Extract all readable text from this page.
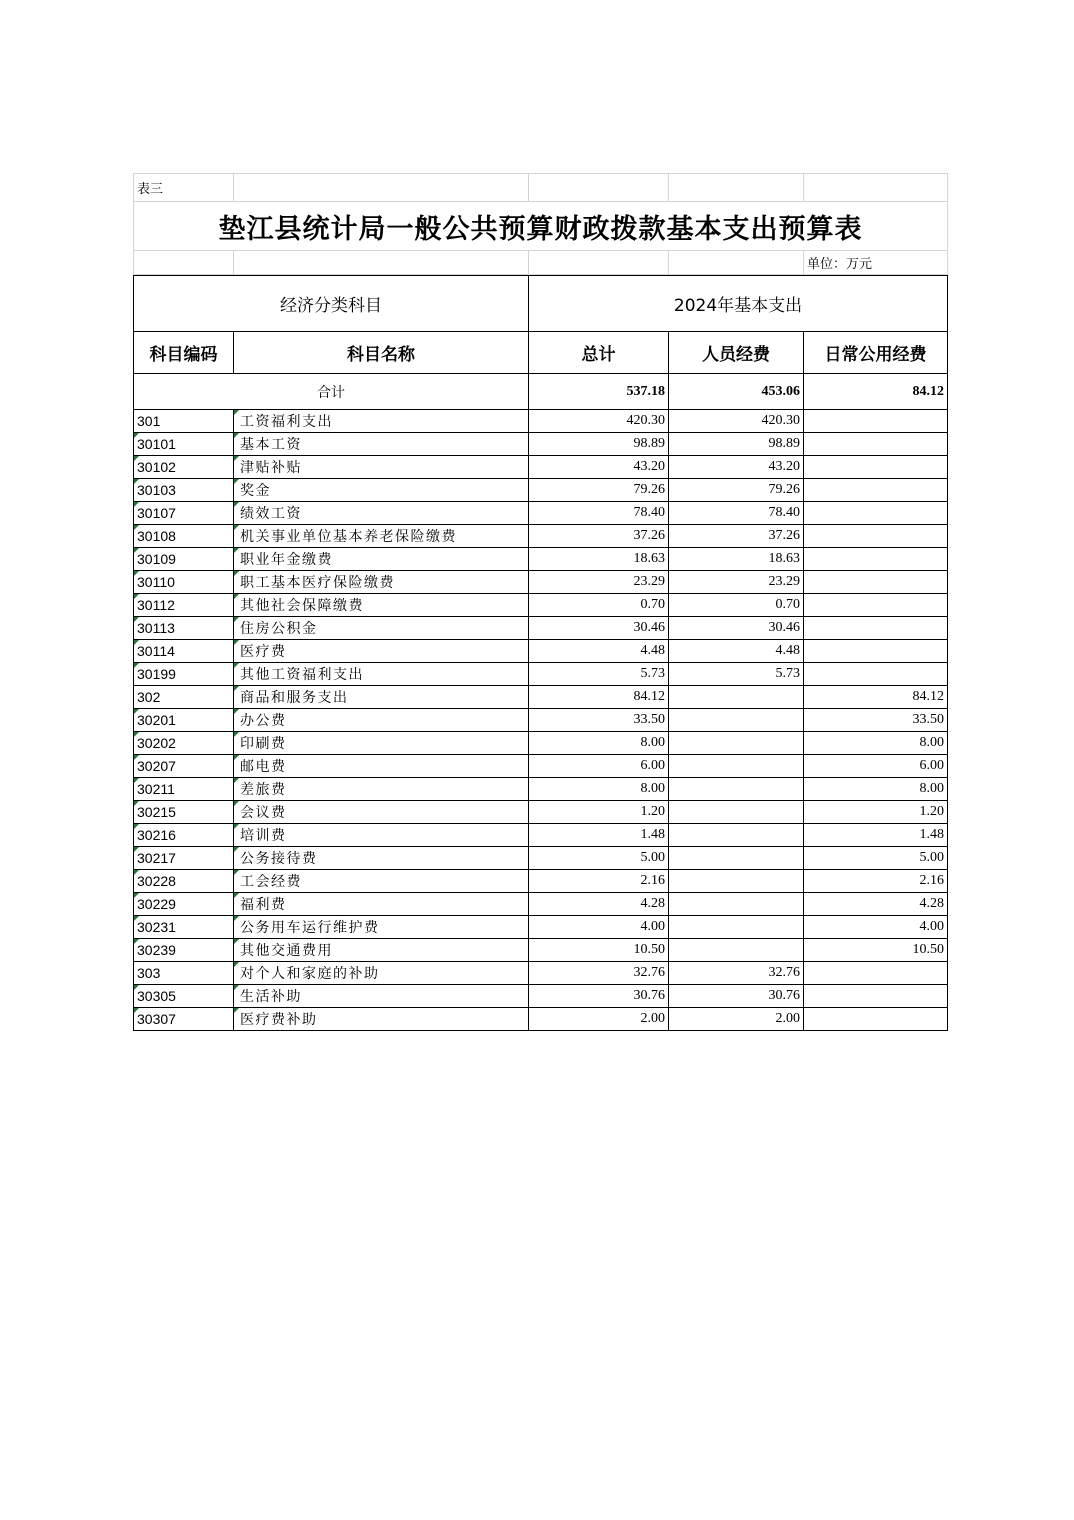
表三				
垫江县统计局一般公共预算财政拨款基本支出预算表				
				单位：万元
经济分类科目		2024年基本支出		
科目编码	科目名称	总计	人员经费	日常公用经费
合计		537.18	453.06	84.12
301	工资福利支出	420.30	420.30	
30101	基本工资	98.89	98.89	
30102	津贴补贴	43.20	43.20	
30103	奖金	79.26	79.26	
30107	绩效工资	78.40	78.40	
30108	机关事业单位基本养老保险缴费	37.26	37.26	
30109	职业年金缴费	18.63	18.63	
30110	职工基本医疗保险缴费	23.29	23.29	
30112	其他社会保障缴费	0.70	0.70	
30113	住房公积金	30.46	30.46	
30114	医疗费	4.48	4.48	
30199	其他工资福利支出	5.73	5.73	
302	商品和服务支出	84.12		84.12
30201	办公费	33.50		33.50
30202	印刷费	8.00		8.00
30207	邮电费	6.00		6.00
30211	差旅费	8.00		8.00
30215	会议费	1.20		1.20
30216	培训费	1.48		1.48
30217	公务接待费	5.00		5.00
30228	工会经费	2.16		2.16
30229	福利费	4.28		4.28
30231	公务用车运行维护费	4.00		4.00
30239	其他交通费用	10.50		10.50
303	对个人和家庭的补助	32.76	32.76	
30305	生活补助	30.76	30.76	
30307	医疗费补助	2.00	2.00	
